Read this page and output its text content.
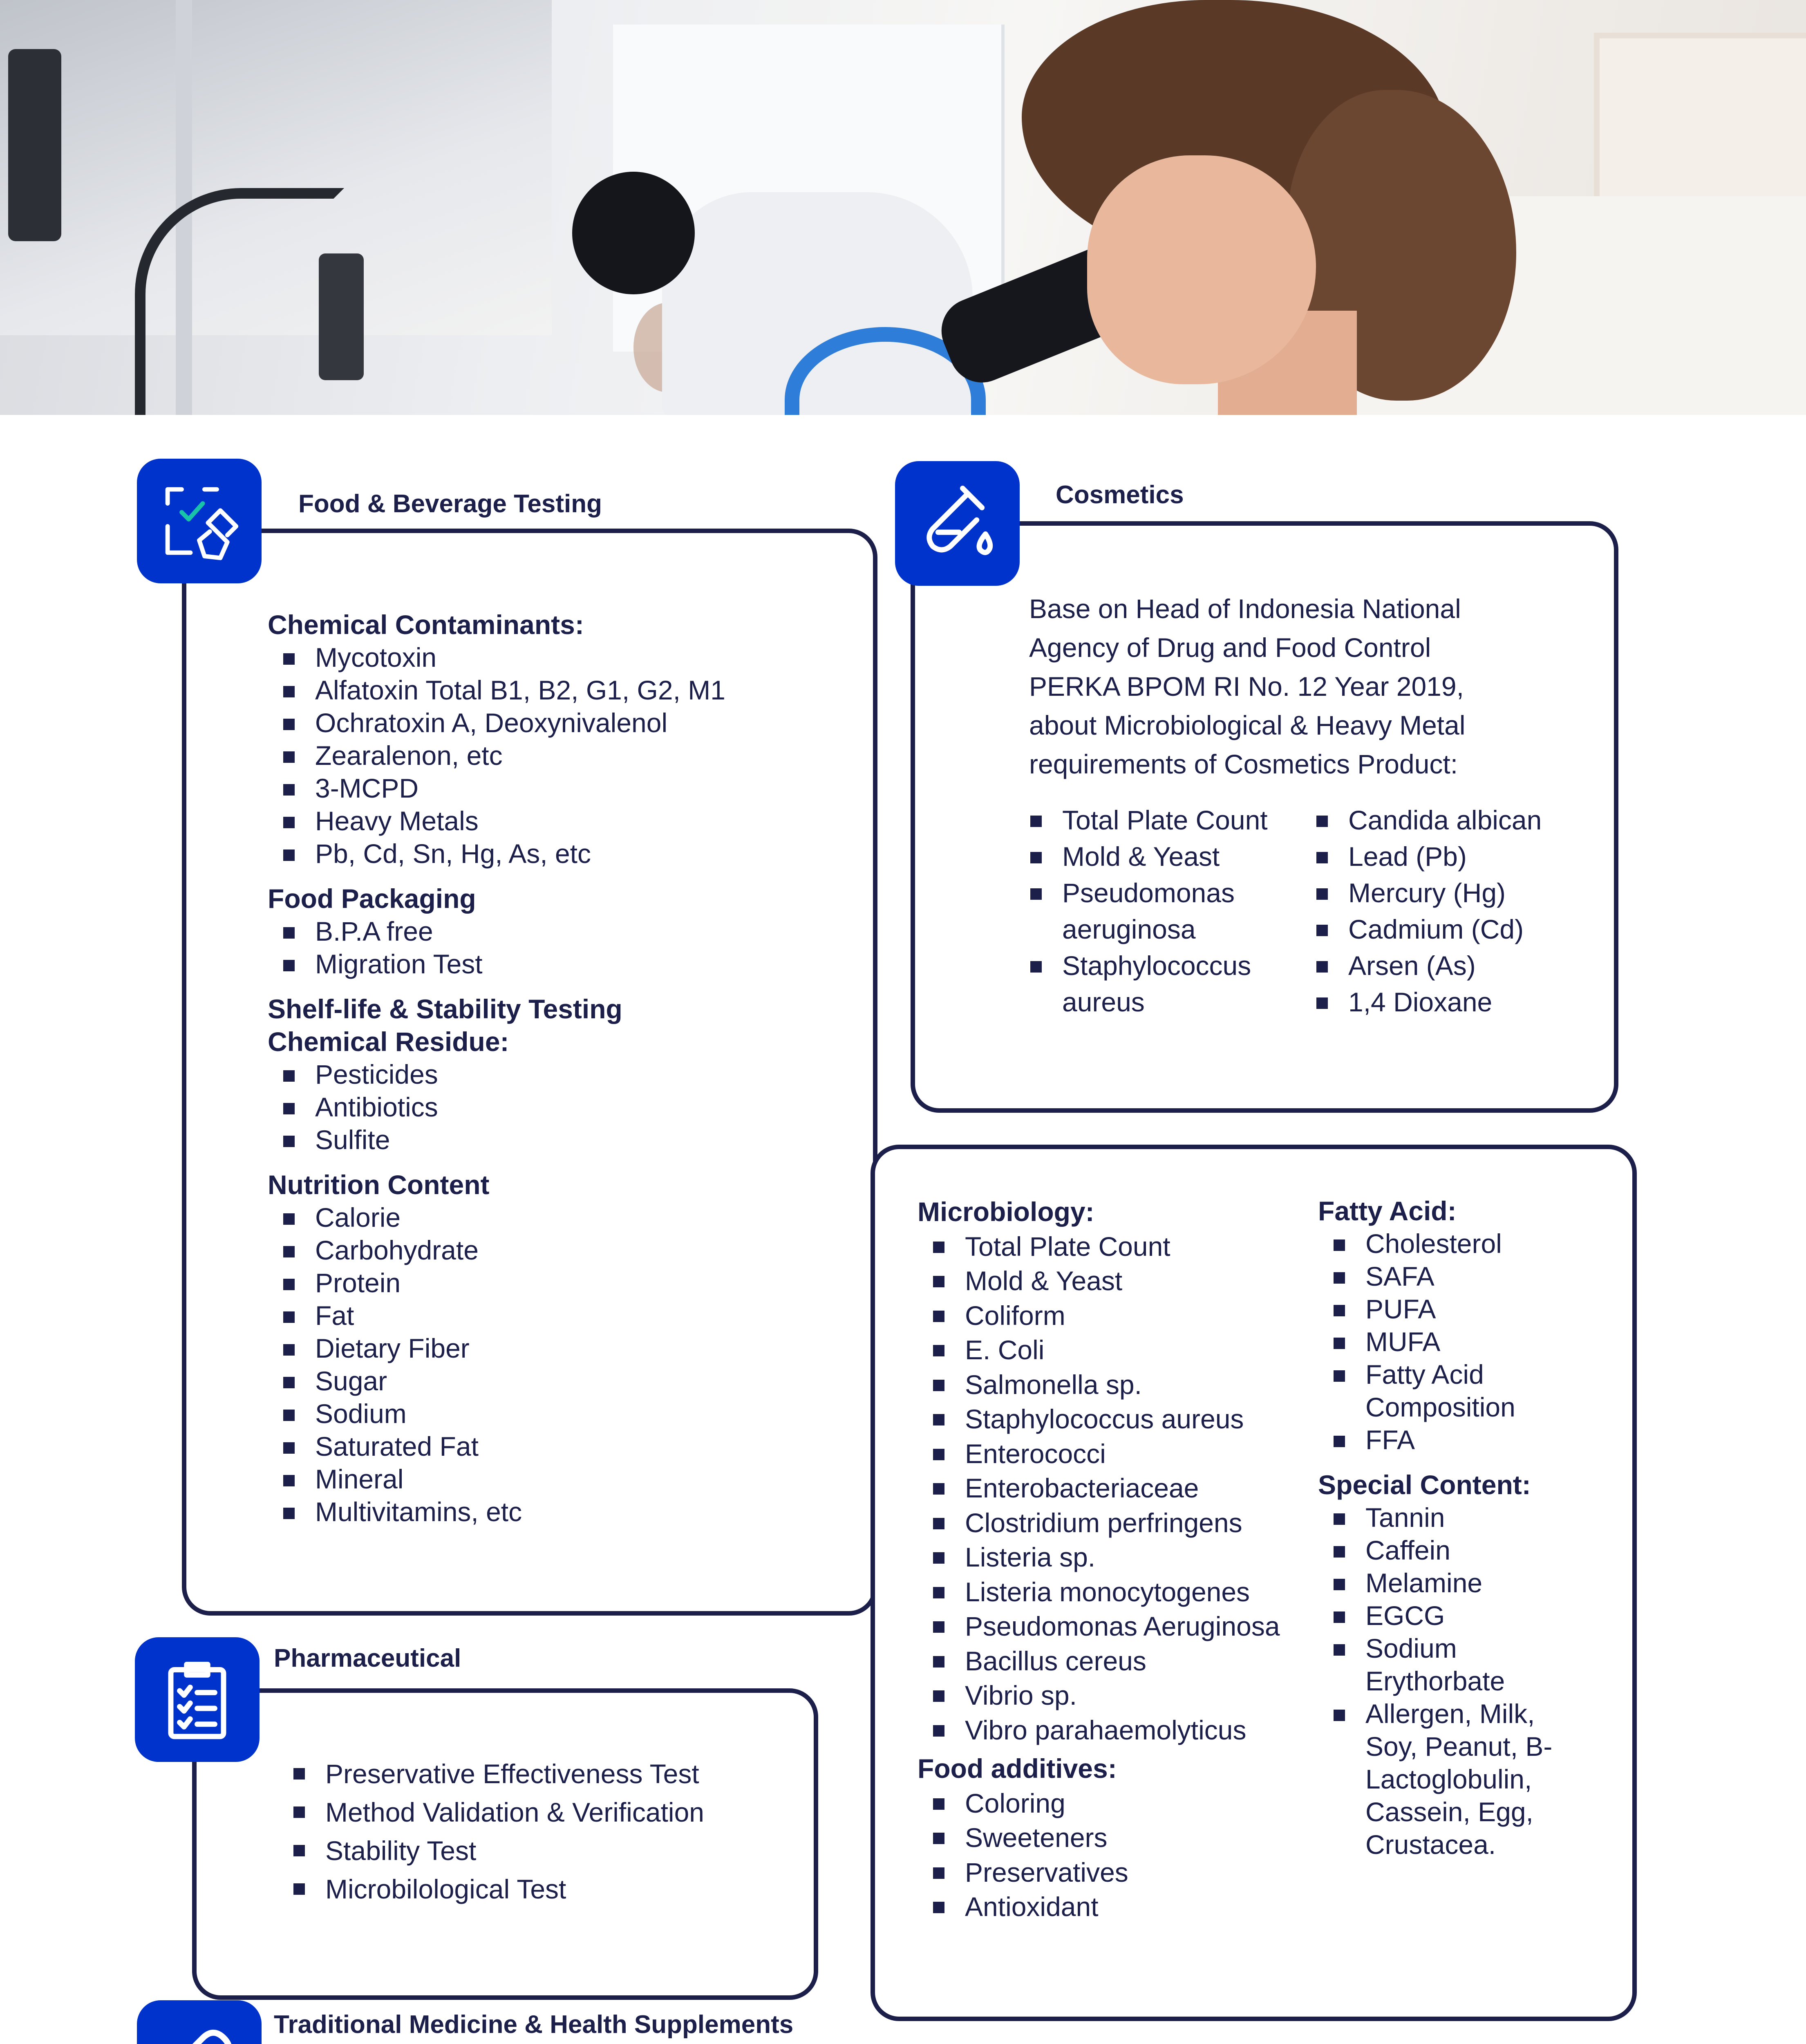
Food & Beverage Testing
Chemical Contaminants:
Mycotoxin
Alfatoxin Total B1, B2, G1, G2, M1
Ochratoxin A, Deoxynivalenol
Zearalenon, etc
3-MCPD
Heavy Metals
Pb, Cd, Sn, Hg, As, etc
Food Packaging
B.P.A free
Migration Test
Shelf-life & Stability Testing
Chemical Residue:
Pesticides
Antibiotics
Sulfite
Nutrition Content
Calorie
Carbohydrate
Protein
Fat
Dietary Fiber
Sugar
Sodium
Saturated Fat
Mineral
Multivitamins, etc
Cosmetics
Base on Head of Indonesia National
Agency of Drug and Food Control
PERKA BPOM RI No. 12 Year 2019,
about Microbiological & Heavy Metal
requirements of Cosmetics Product:
Total Plate Count
Mold & Yeast
Pseudomonas aeruginosa
Staphylococcus aureus
Candida albican
Lead (Pb)
Mercury (Hg)
Cadmium (Cd)
Arsen (As)
1,4 Dioxane
Microbiology:
Total Plate Count
Mold & Yeast
Coliform
E. Coli
Salmonella sp.
Staphylococcus aureus
Enterococci
Enterobacteriaceae
Clostridium perfringens
Listeria sp.
Listeria monocytogenes
Pseudomonas Aeruginosa
Bacillus cereus
Vibrio sp.
Vibro parahaemolyticus
Food additives:
Coloring
Sweeteners
Preservatives
Antioxidant
Fatty Acid:
Cholesterol
SAFA
PUFA
MUFA
Fatty Acid Composition
FFA
Special Content:
Tannin
Caffein
Melamine
EGCG
Sodium Erythorbate
Allergen, Milk, Soy, Peanut, B-Lactoglobulin, Cassein, Egg, Crustacea.
Pharmaceutical
Preservative Effectiveness Test
Method Validation & Verification
Stability Test
Microbilological Test
Traditional Medicine & Health Supplements
